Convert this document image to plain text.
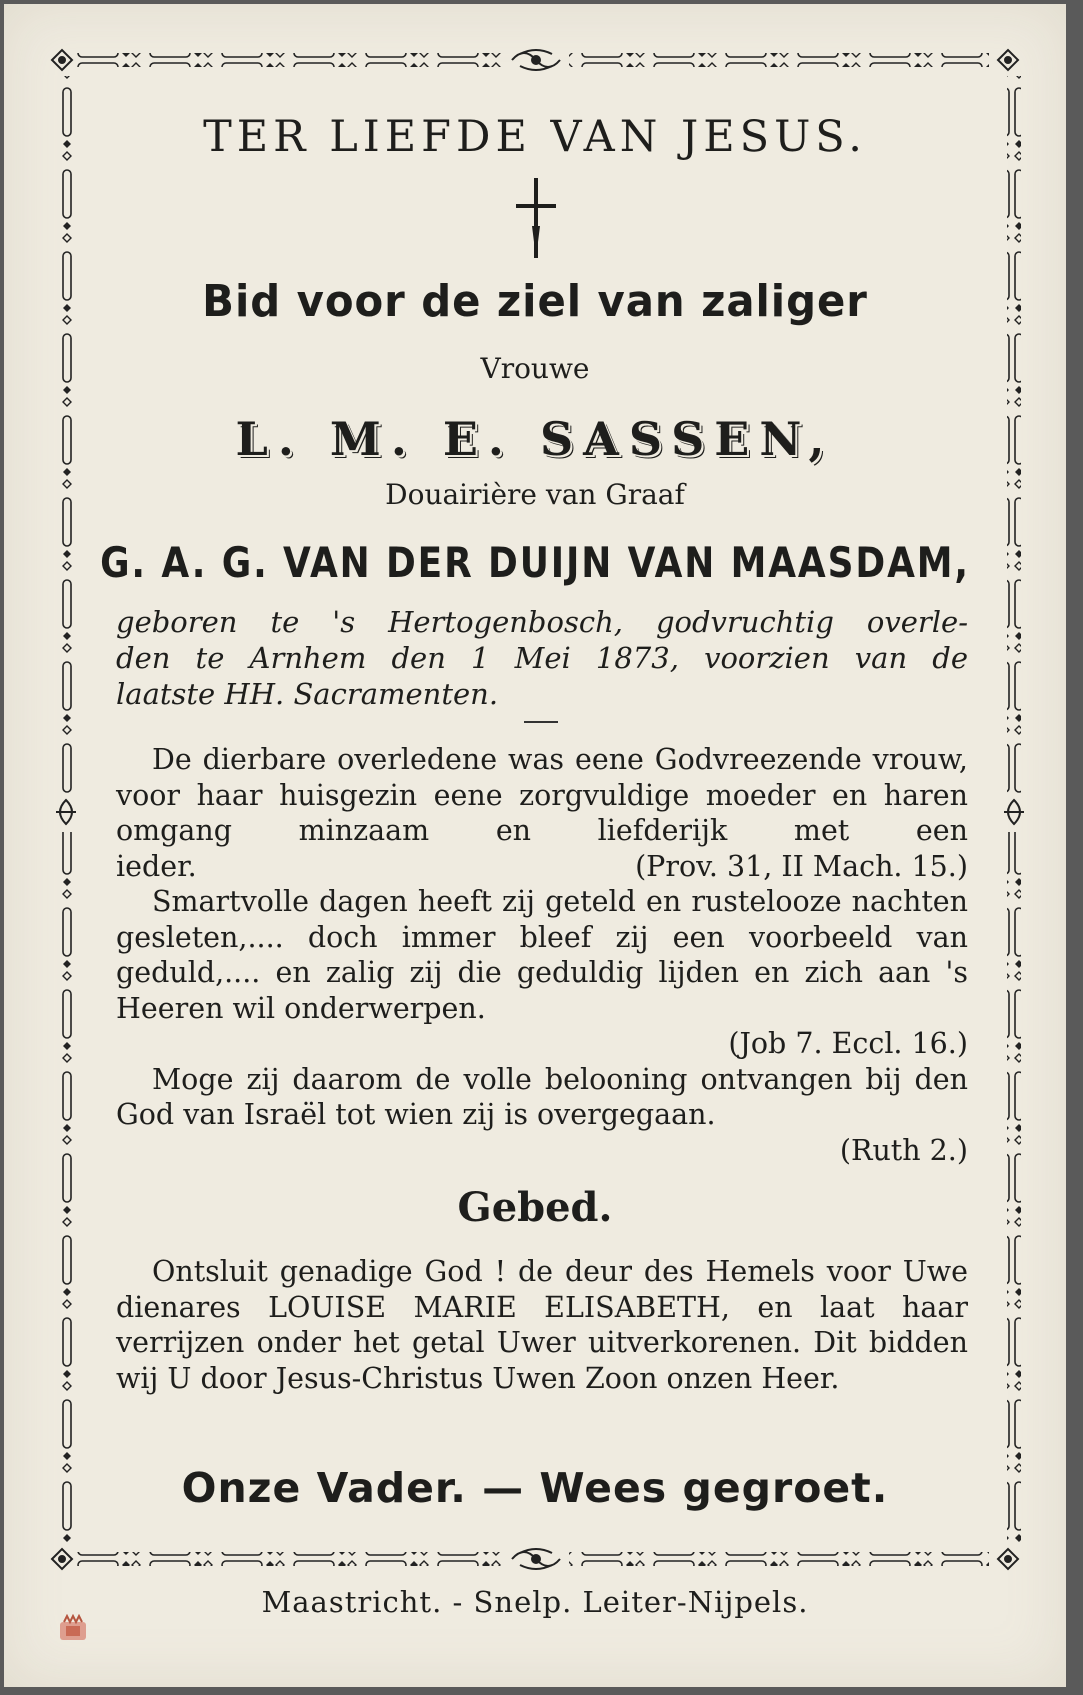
TER LIEFDE VAN JESUS.
Bid voor de ziel van zaliger
Vrouwe
L. M. E. SASSEN,
Douairière van Graaf
G. A. G. VAN DER DUIJN VAN MAASDAM,

geboren te 's Hertogenbosch, godvruchtig overle-

den te Arnhem den 1 Mei 1873, voorzien van de

laatste HH. Sacramenten.

De dierbare overledene was eene Godvreezende vrouw, voor haar huisgezin eene zorgvuldige moeder en haren omgang minzaam en liefderijk met een

ieder.	(Prov. 31, II Mach. 15.)

Smartvolle dagen heeft zij geteld en rustelooze nachten gesleten,.... doch immer bleef zij een voorbeeld van geduld,.... en zalig zij die geduldig lijden en zich aan 's Heeren wil onderwerpen.

(Job 7. Eccl. 16.)

Moge zij daarom de volle belooning ontvangen bij den God van Israël tot wien zij is overgegaan.

(Ruth 2.)

Gebed.

Ontsluit genadige God ! de deur des Hemels voor Uwe dienares LOUISE MARIE ELISABETH, en laat haar verrijzen onder het getal Uwer uitverkorenen. Dit bidden wij U door Jesus-Christus Uwen Zoon onzen Heer.

Onze Vader. — Wees gegroet.
Maastricht. - Snelp. Leiter-Nijpels.
